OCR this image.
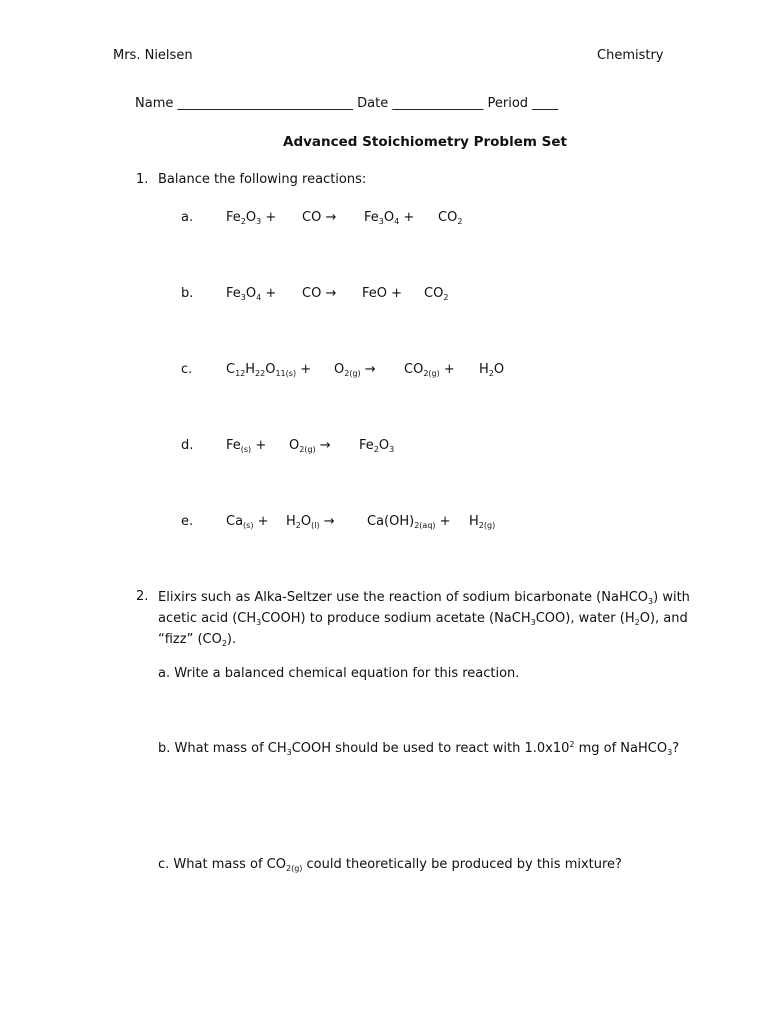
Mrs. Nielsen	Chemistry
Name ___________________________ Date ______________ Period ____
Advanced Stoichiometry Problem Set
1. Balance the following reactions:
a.	$Fe_2O_3$ + CO → $Fe_3O_4 + CO_2$
b.	$Fe_3O_4$ + CO → FeO + $CO_2$
c.	$C_{12}H_{22}O_{11(s)} + O_{2(g)} \to CO_{2(g)} + H_2O$
d.	$Fe_{(s)} + O_{2(g)} \to Fe_2O_3$
e.	$Ca_{(s)} + H_2O_{(l)} \to Ca(OH)_{2(aq)} + H_{2(g)}$
2. Elixirs such as Alka-Seltzer use the reaction of sodium bicarbonate (NaHCO$_3$) with
acetic acid $(CH_3COOH)$ to produce sodium acetate (NaCH$_3$COO), water $(H_2O)$, and
“fizz” $(CO_2)$.
a. Write a balanced chemical equation for this reaction.
b. What mass of $CH_3COOH$ should be used to react with $1.0x10^2$ mg of NaHCO$_3$?
c. What mass of $CO_{2(g)}$ could theoretically be produced by this mixture?
